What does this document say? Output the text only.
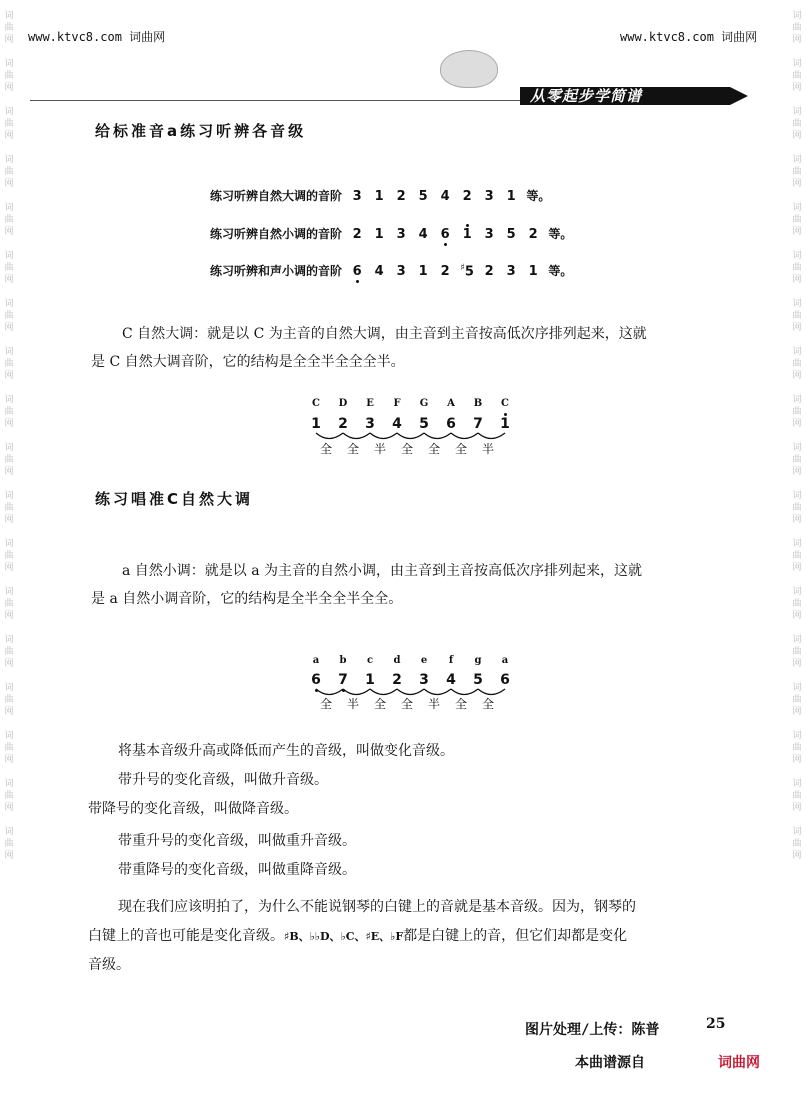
词
曲
网

词
曲
网

词
曲
网

词
曲
网

词
曲
网

词
曲
网

词
曲
网

词
曲
网

词
曲
网

词
曲
网

词
曲
网

词
曲
网

词
曲
网

词
曲
网

词
曲
网

词
曲
网

词
曲
网

词
曲
网
词
曲
网

词
曲
网

词
曲
网

词
曲
网

词
曲
网

词
曲
网

词
曲
网

词
曲
网

词
曲
网

词
曲
网

词
曲
网

词
曲
网

词
曲
网

词
曲
网

词
曲
网

词
曲
网

词
曲
网

词
曲
网
www.ktvc8.com 词曲网	www.ktvc8.com 词曲网
从零起步学简谱
给标准音a练习听辨各音级
练习听辨自然大调的音阶 3 1 2 5 4 2 3 1 等。
练习听辨自然小调的音阶 2 1 3 4 6 1 3 5 2 等。
练习听辨和声小调的音阶 6 4 3 1 2 ♯5 2 3 1 等。
C 自然大调：就是以 C 为主音的自然大调，由主音到主音按高低次序排列起来，这就
是 C 自然大调音阶，它的结构是全全半全全全半。
C	D	E	F	G	A	B	C
1	2	3	4	5	6	7	1
全	全	半	全	全	全	半
练习唱准C自然大调
a 自然小调：就是以 a 为主音的自然小调，由主音到主音按高低次序排列起来，这就
是 a 自然小调音阶，它的结构是全半全全半全全。
a	b	c	d	e	f	g	a
6	7	1	2	3	4	5	6
全	半	全	全	半	全	全
将基本音级升高或降低而产生的音级，叫做变化音级。
带升号的变化音级，叫做升音级。
带降号的变化音级，叫做降音级。
带重升号的变化音级，叫做重升音级。
带重降号的变化音级，叫做重降音级。
现在我们应该明拍了，为什么不能说钢琴的白键上的音就是基本音级。因为，钢琴的
白键上的音也可能是变化音级。♯B、♭♭D、♭C、♯E、♭F都是白键上的音，但它们却都是变化
音级。
图片处理/上传：陈普	25
本曲谱源自	词曲网
